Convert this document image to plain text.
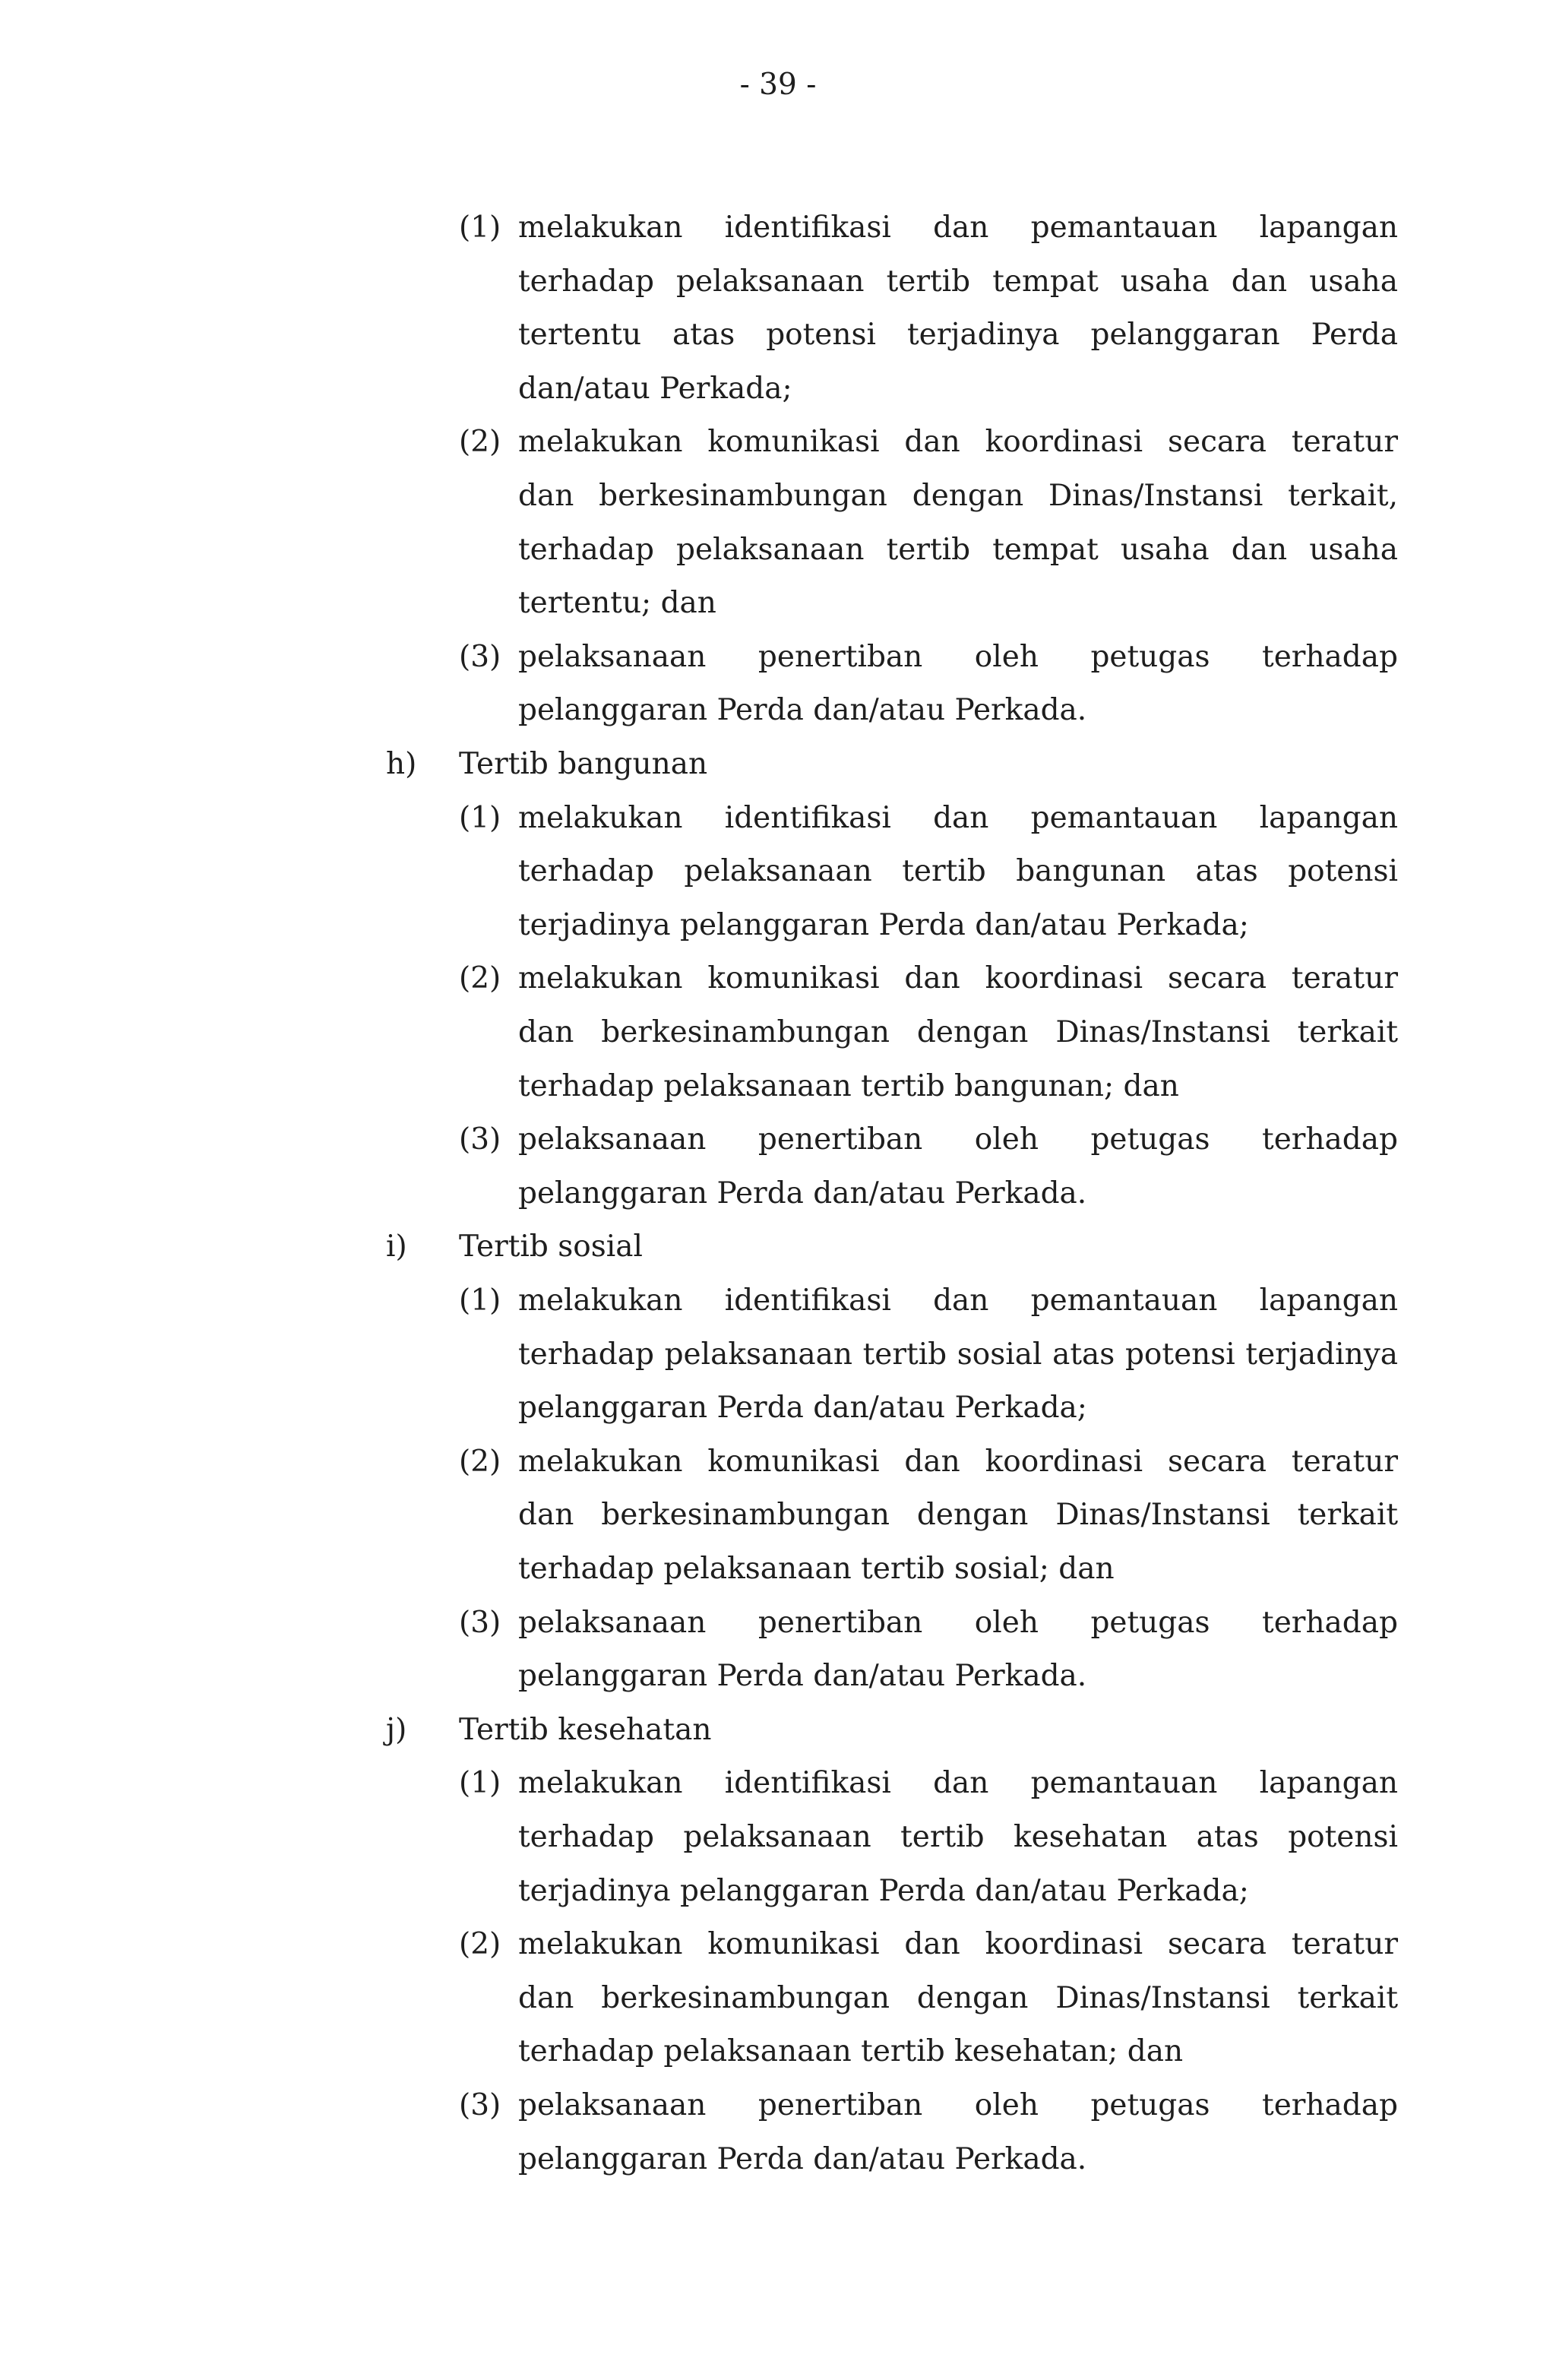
- 39 -
(1) melakukan identifikasi dan pemantauan lapangan
terhadap pelaksanaan tertib tempat usaha dan usaha
tertentu atas potensi terjadinya pelanggaran Perda
dan/atau Perkada;
(2) melakukan komunikasi dan koordinasi secara teratur
dan berkesinambungan dengan Dinas/Instansi terkait,
terhadap pelaksanaan tertib tempat usaha dan usaha
tertentu; dan
(3) pelaksanaan penertiban oleh petugas terhadap
pelanggaran Perda dan/atau Perkada.
h)	Tertib bangunan
(1) melakukan identifikasi dan pemantauan lapangan
terhadap pelaksanaan tertib bangunan atas potensi
terjadinya pelanggaran Perda dan/atau Perkada;
(2) melakukan komunikasi dan koordinasi secara teratur
dan berkesinambungan dengan Dinas/Instansi terkait
terhadap pelaksanaan tertib bangunan; dan
(3) pelaksanaan penertiban oleh petugas terhadap
pelanggaran Perda dan/atau Perkada.
i)	Tertib sosial
(1) melakukan identifikasi dan pemantauan lapangan
terhadap pelaksanaan tertib sosial atas potensi terjadinya
pelanggaran Perda dan/atau Perkada;
(2) melakukan komunikasi dan koordinasi secara teratur
dan berkesinambungan dengan Dinas/Instansi terkait
terhadap pelaksanaan tertib sosial; dan
(3) pelaksanaan penertiban oleh petugas terhadap
pelanggaran Perda dan/atau Perkada.
j)	Tertib kesehatan
(1) melakukan identifikasi dan pemantauan lapangan
terhadap pelaksanaan tertib kesehatan atas potensi
terjadinya pelanggaran Perda dan/atau Perkada;
(2) melakukan komunikasi dan koordinasi secara teratur
dan berkesinambungan dengan Dinas/Instansi terkait
terhadap pelaksanaan tertib kesehatan; dan
(3) pelaksanaan penertiban oleh petugas terhadap
pelanggaran Perda dan/atau Perkada.
